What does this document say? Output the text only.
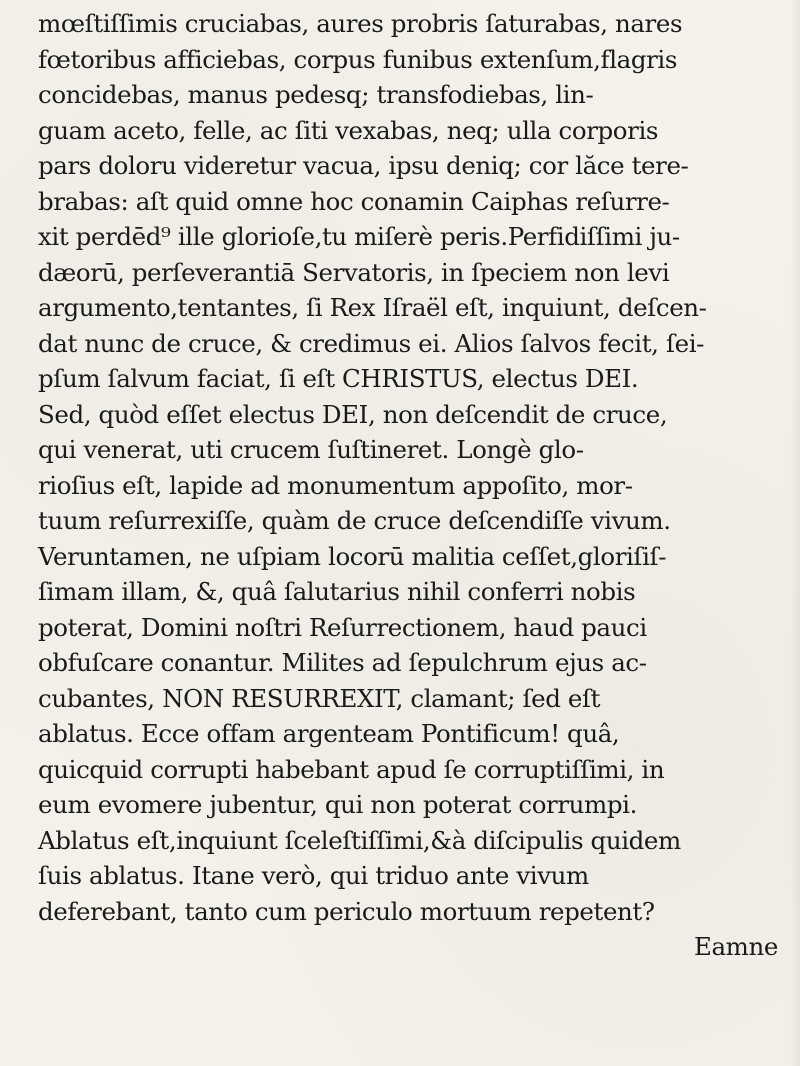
mœſtiſſimis cruciabas, aures probris ſaturabas, nares
fœtoribus afficiebas, corpus funibus extenſum,flagris
concidebas, manus pedesq; transfodiebas, lin-
guam aceto, felle, ac ſiti vexabas, neq; ulla corporis
pars doloru videretur vacua, ipsu deniq; cor lăce tere-
brabas: aſt quid omne hoc conamin Caiphas reſurre-
xit perdēd⁹ ille glorioſe,tu miſerè peris.Perfidiſſimi ju-
dæorū, perſeverantiā Servatoris, in ſpeciem non levi
argumento,tentantes, ſi Rex Iſraël eſt, inquiunt, deſcen-
dat nunc de cruce, & credimus ei. Alios ſalvos fecit, ſei-
pſum ſalvum faciat, ſi eſt CHRISTUS, electus DEI.
Sed, quòd eſſet electus DEI, non deſcendit de cruce,
qui venerat, uti crucem ſuſtineret. Longè glo-
rioſius eſt, lapide ad monumentum appoſito, mor-
tuum reſurrexiſſe, quàm de cruce deſcendiſſe vivum.
Veruntamen, ne uſpiam locorū malitia ceſſet,gloriſiſ-
ſimam illam, &, quâ ſalutarius nihil conferri nobis
poterat, Domini noſtri Reſurrectionem, haud pauci
obfuſcare conantur. Milites ad ſepulchrum ejus ac-
cubantes, NON RESURREXIT, clamant; ſed eſt
ablatus. Ecce offam argenteam Pontificum! quâ,
quicquid corrupti habebant apud ſe corruptiſſimi, in
eum evomere jubentur, qui non poterat corrumpi.
Ablatus eſt,inquiunt ſceleſtiſſimi,&à diſcipulis quidem
ſuis ablatus. Itane verò, qui triduo ante vivum
deferebant, tanto cum periculo mortuum repetent?
Eamne
